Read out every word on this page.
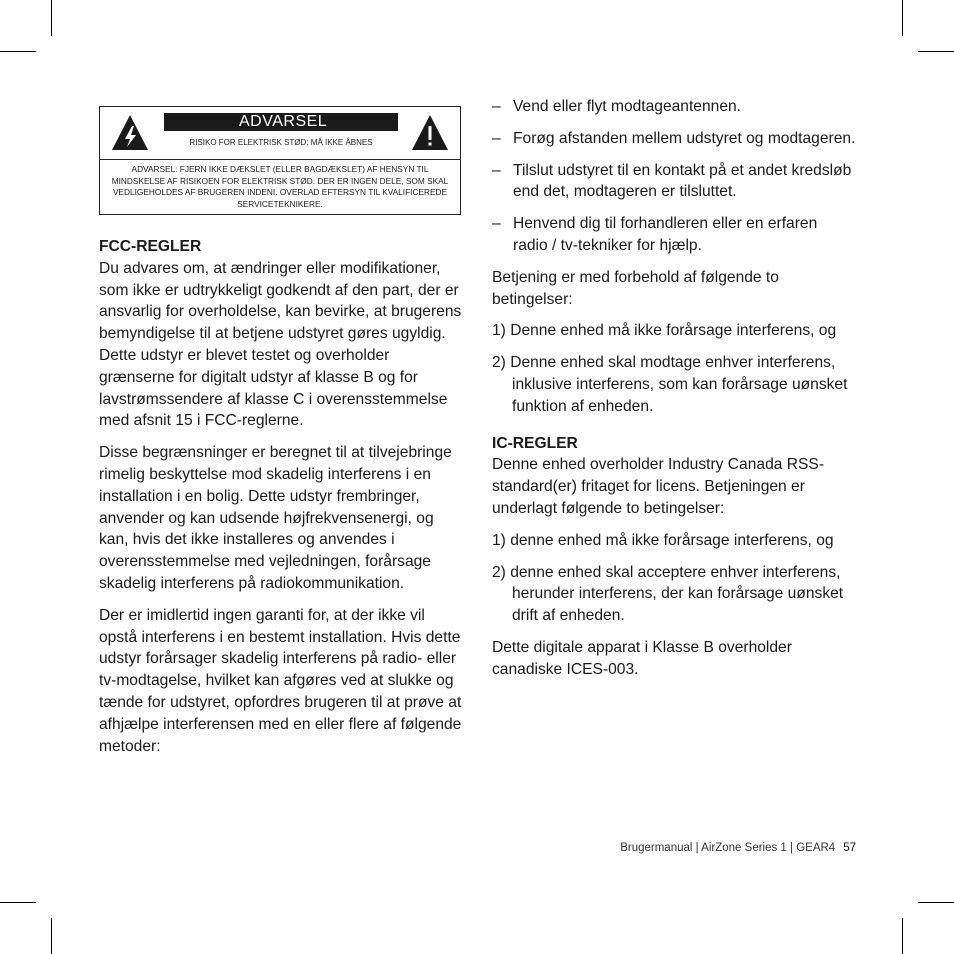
ADVARSEL
RISIKO FOR ELEKTRISK STØD; MÅ IKKE ÅBNES
ADVARSEL: FJERN IKKE DÆKSLET (ELLER BAGDÆKSLET) AF HENSYN TIL MINDSKELSE AF RISIKOEN FOR ELEKTRISK STØD. DER ER INGEN DELE, SOM SKAL VEDLIGEHOLDES AF BRUGEREN INDENI. OVERLAD EFTERSYN TIL KVALIFICEREDE SERVICETEKNIKERE.

FCC-REGLER

Du advares om, at ændringer eller modifikationer, som ikke er udtrykkeligt godkendt af den part, der er ansvarlig for overholdelse, kan bevirke, at brugerens bemyndigelse til at betjene udstyret gøres ugyldig. Dette udstyr er blevet testet og overholder grænserne for digitalt udstyr af klasse B og for lavstrømssendere af klasse C i overensstemmelse med afsnit 15 i FCC-reglerne.

Disse begrænsninger er beregnet til at tilvejebringe rimelig beskyttelse mod skadelig interferens i en installation i en bolig. Dette udstyr frembringer, anvender og kan udsende højfrekvensenergi, og kan, hvis det ikke installeres og anvendes i overensstemmelse med vejledningen, forårsage skadelig interferens på radiokommunikation.

Der er imidlertid ingen garanti for, at der ikke vil opstå interferens i en bestemt installation. Hvis dette udstyr forårsager skadelig interferens på radio- eller tv-modtagelse, hvilket kan afgøres ved at slukke og tænde for udstyret, opfordres brugeren til at prøve at afhjælpe interferensen med en eller flere af følgende metoder:

– Vend eller flyt modtageantennen.
– Forøg afstanden mellem udstyret og modtageren.
– Tilslut udstyret til en kontakt på et andet kredsløb end det, modtageren er tilsluttet.
– Henvend dig til forhandleren eller en erfaren radio / tv-tekniker for hjælp.

Betjening er med forbehold af følgende to betingelser:

1) Denne enhed må ikke forårsage interferens, og

2) Denne enhed skal modtage enhver interferens, inklusive interferens, som kan forårsage uønsket funktion af enheden.

IC-REGLER

Denne enhed overholder Industry Canada RSS-standard(er) fritaget for licens. Betjeningen er underlagt følgende to betingelser:

1) denne enhed må ikke forårsage interferens, og

2) denne enhed skal acceptere enhver interferens, herunder interferens, der kan forårsage uønsket drift af enheden.

Dette digitale apparat i Klasse B overholder canadiske ICES-003.

Brugermanual | AirZone Series 1 | GEAR4 57
